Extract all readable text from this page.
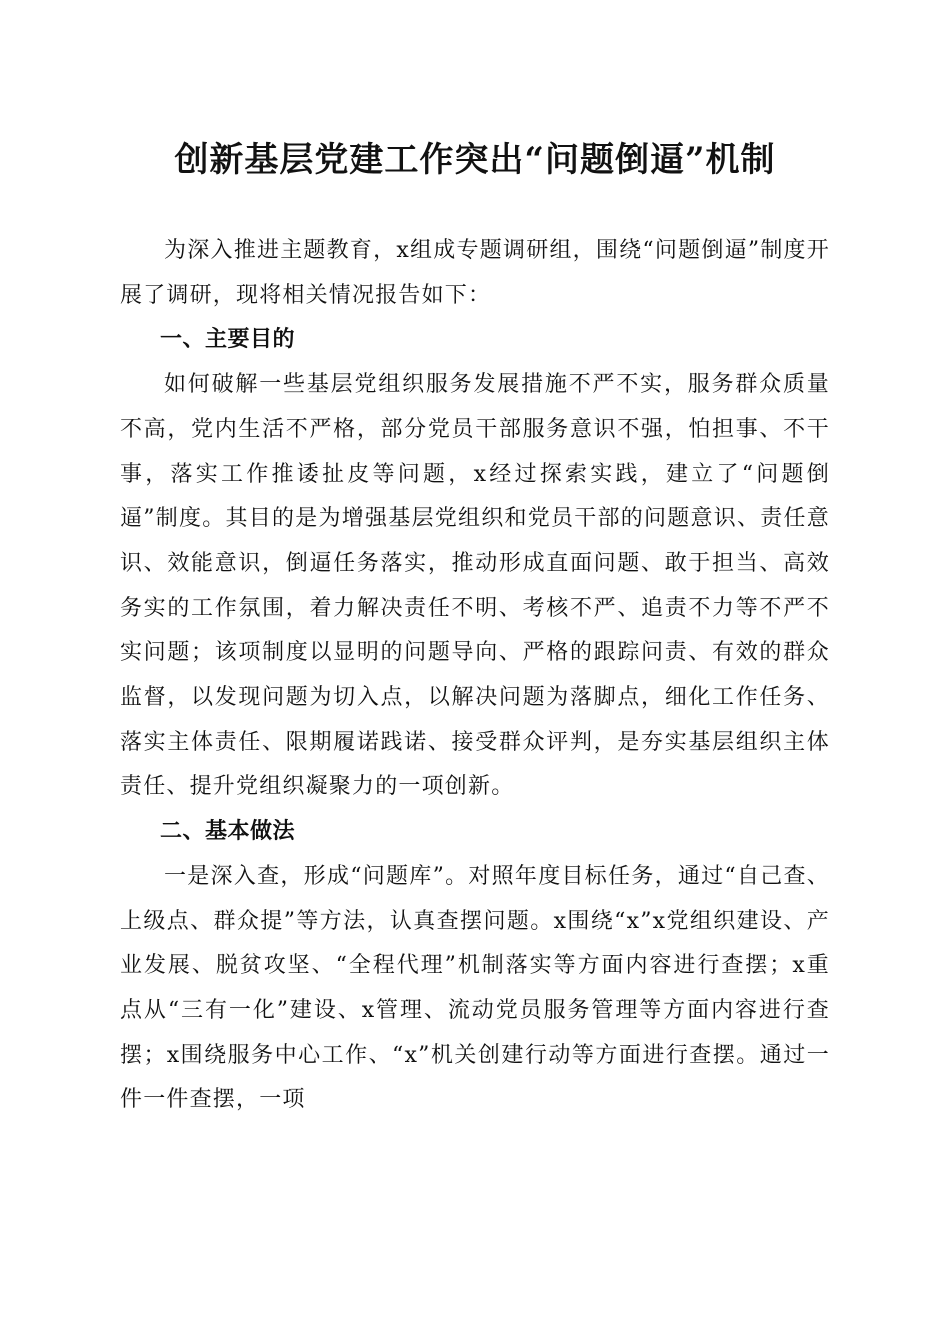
创新基层党建工作突出“问题倒逼”机制

为深入推进主题教育，x组成专题调研组，围绕“问题倒逼”制度开展了调研，现将相关情况报告如下：

一、主要目的

如何破解一些基层党组织服务发展措施不严不实，服务群众质量不高，党内生活不严格，部分党员干部服务意识不强，怕担事、不干事，落实工作推诿扯皮等问题，x经过探索实践，建立了“问题倒逼”制度。其目的是为增强基层党组织和党员干部的问题意识、责任意识、效能意识，倒逼任务落实，推动形成直面问题、敢于担当、高效务实的工作氛围，着力解决责任不明、考核不严、追责不力等不严不实问题；该项制度以显明的问题导向、严格的跟踪问责、有效的群众监督，以发现问题为切入点，以解决问题为落脚点，细化工作任务、落实主体责任、限期履诺践诺、接受群众评判，是夯实基层组织主体责任、提升党组织凝聚力的一项创新。

二、基本做法

一是深入查，形成“问题库”。对照年度目标任务，通过“自己查、上级点、群众提”等方法，认真查摆问题。x围绕“x”x党组织建设、产业发展、脱贫攻坚、“全程代理”机制落实等方面内容进行查摆；x重点从“三有一化”建设、x管理、流动党员服务管理等方面内容进行查摆；x围绕服务中心工作、“x”机关创建行动等方面进行查摆。通过一件一件查摆，一项
